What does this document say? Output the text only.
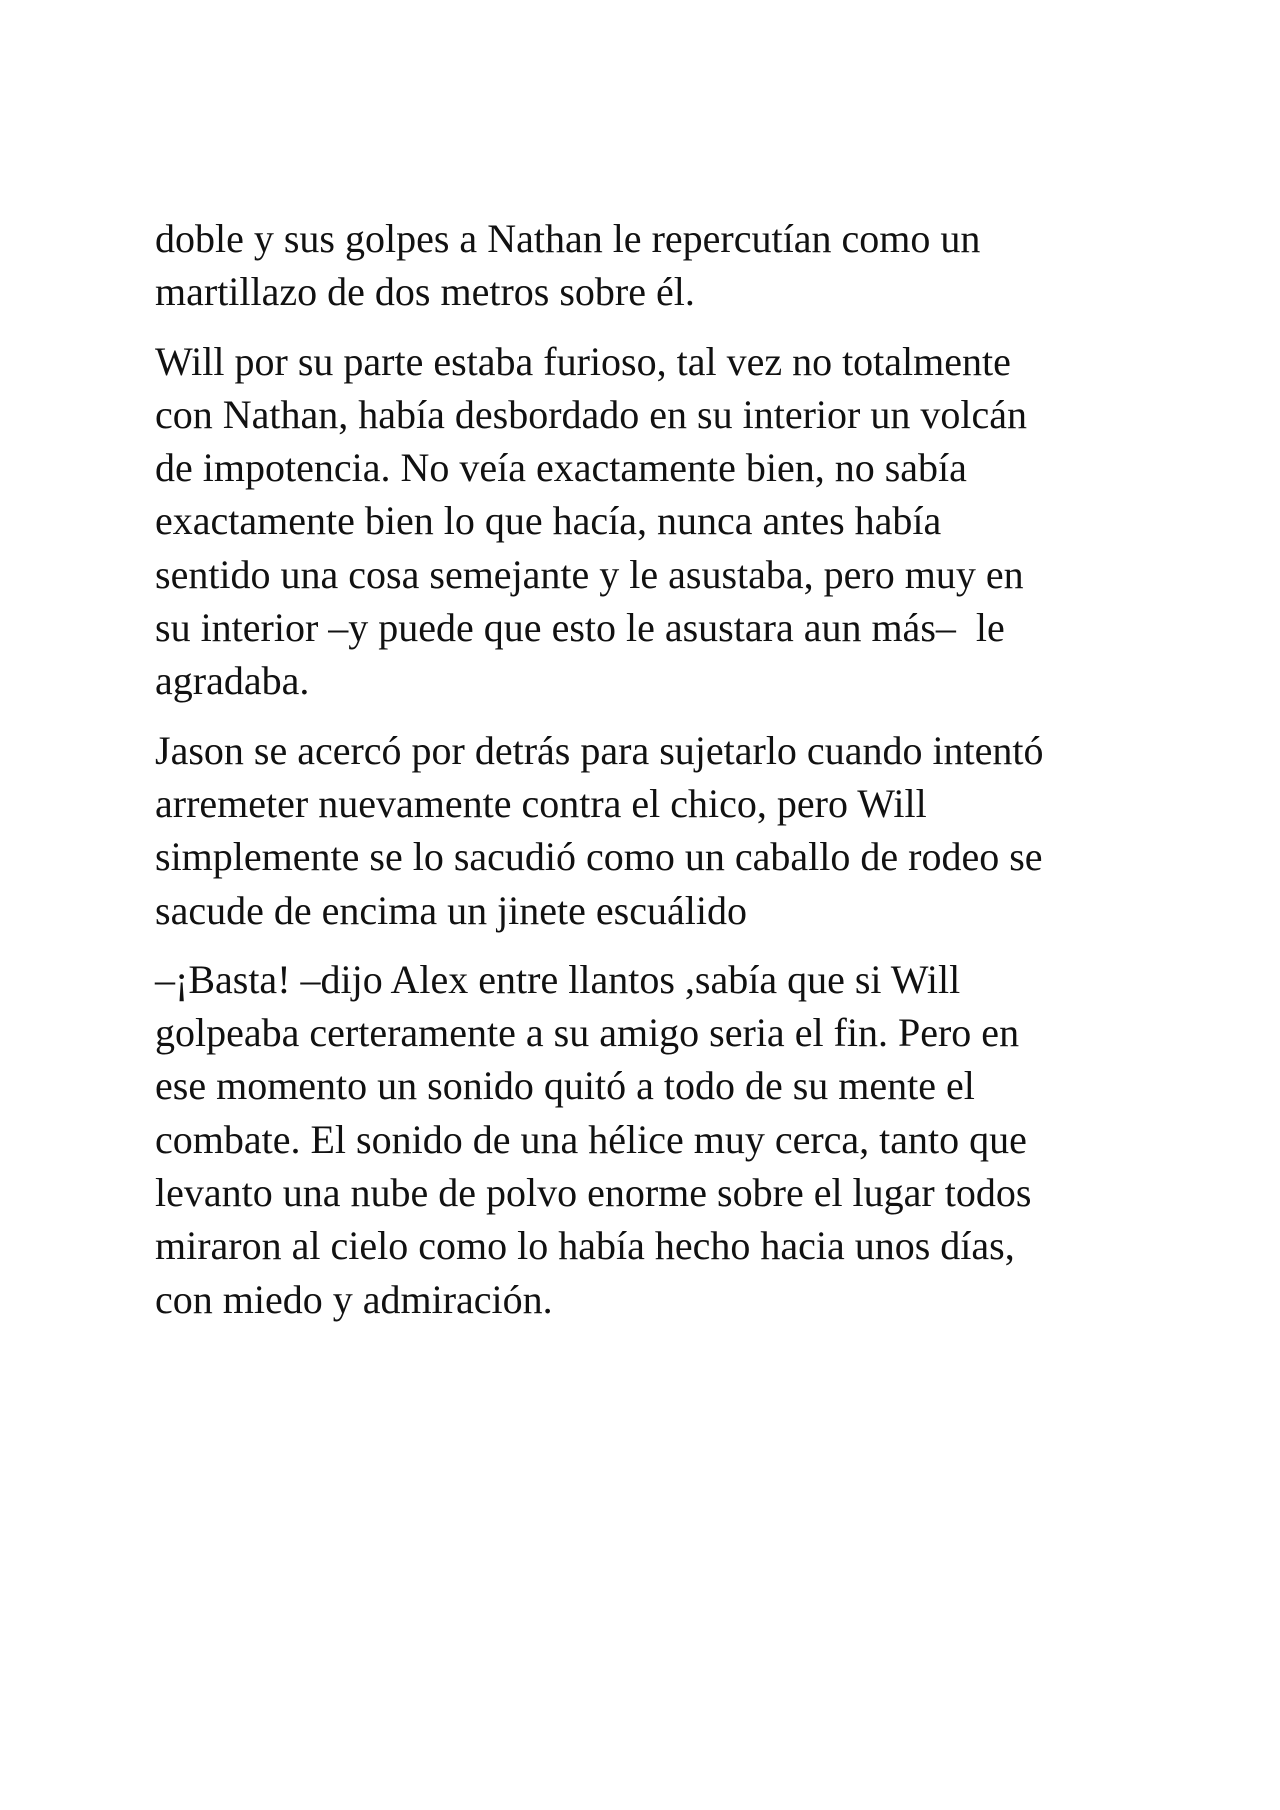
doble y sus golpes a Nathan le repercutían como un
martillazo de dos metros sobre él.

Will por su parte estaba furioso, tal vez no totalmente
con Nathan, había desbordado en su interior un volcán
de impotencia. No veía exactamente bien, no sabía
exactamente bien lo que hacía, nunca antes había
sentido una cosa semejante y le asustaba, pero muy en
su interior –y puede que esto le asustara aun más–  le
agradaba.

Jason se acercó por detrás para sujetarlo cuando intentó
arremeter nuevamente contra el chico, pero Will
simplemente se lo sacudió como un caballo de rodeo se
sacude de encima un jinete escuálido

–¡Basta! –dijo Alex entre llantos ,sabía que si Will
golpeaba certeramente a su amigo seria el fin. Pero en
ese momento un sonido quitó a todo de su mente el
combate. El sonido de una hélice muy cerca, tanto que
levanto una nube de polvo enorme sobre el lugar todos
miraron al cielo como lo había hecho hacia unos días,
con miedo y admiración.
